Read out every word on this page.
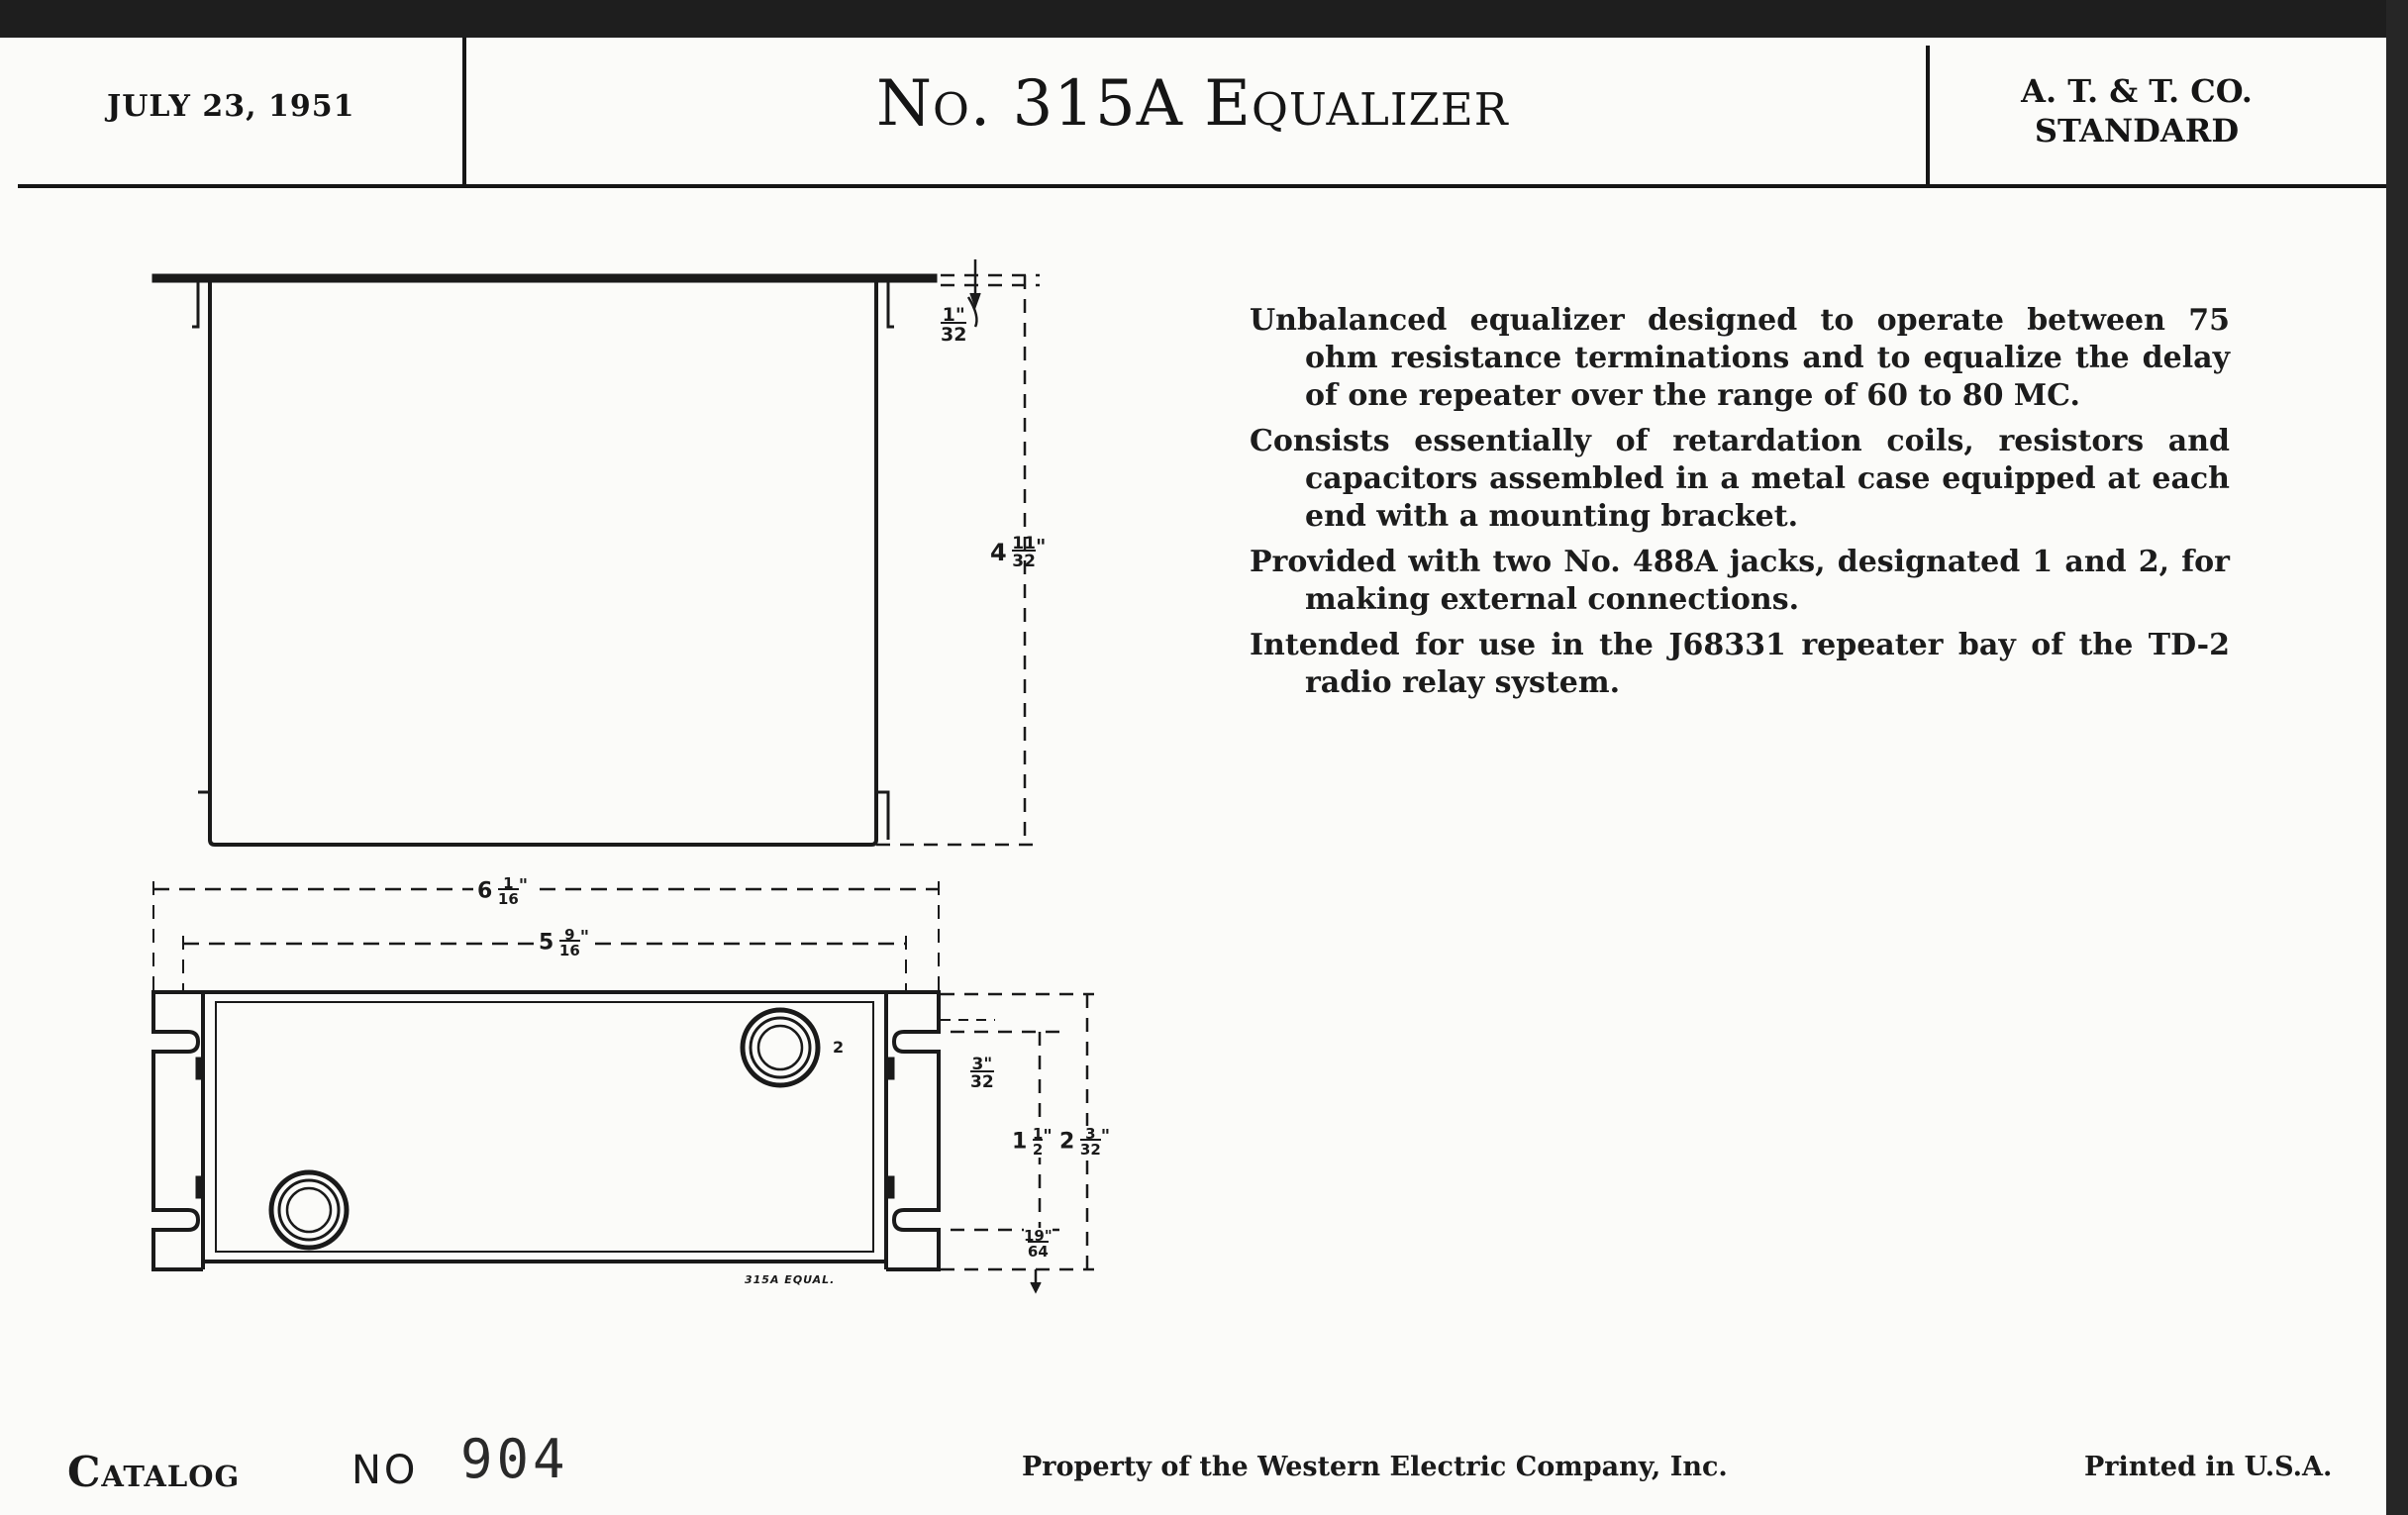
JULY 23, 1951	No. 315A Equalizer	A. T. & T. CO.
STANDARD
1"
32
$4 \frac{11}{32}$"
$6 \frac{1}{16}$"
$5 \frac{9}{16}$"
3"
32
$1 \frac{1}{2}$" $2 \frac{3}{32}$"
19"
64
2
315A EQUAL.

Unbalanced equalizer designed to operate between 75 ohm resistance terminations and to equalize the delay of one repeater over the range of 60 to 80 MC.

Consists essentially of retardation coils, resistors and capacitors assembled in a metal case equipped at each end with a mounting bracket.

Provided with two No. 488A jacks, designated 1 and 2, for making external connections.

Intended for use in the J68331 repeater bay of the TD-2 radio relay system.

Catalog	NO 904	Property of the Western Electric Company, Inc.	Printed in U.S.A.
